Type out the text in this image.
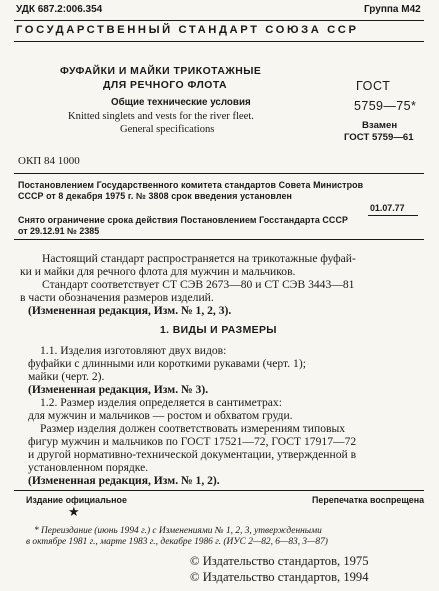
УДК 687.2:006.354	Группа М42
ГОСУДАРСТВЕННЫЙ СТАНДАРТ СОЮЗА ССР
ФУФАЙКИ И МАЙКИ ТРИКОТАЖНЫЕ
ДЛЯ РЕЧНОГО ФЛОТА
Общие технические условия
Knitted singlets and vests for the river fleet.
General specifications
ГОСТ
5759—75*
Взамен
ГОСТ 5759—61
ОКП 84 1000
Постановлением Государственного комитета стандартов Совета Министров
СССР от 8 декабря 1975 г. № 3808 срок введения установлен
01.07.77
Снято ограничение срока действия Постановлением Госстандарта СССР
от 29.12.91 № 2385
Настоящий стандарт распространяется на трикотажные фуфай-
ки и майки для речного флота для мужчин и мальчиков.
Стандарт соответствует СТ СЭВ 2673—80 и СТ СЭВ 3443—81
в части обозначения размеров изделий.
(Измененная редакция, Изм. № 1, 2, 3).
1. ВИДЫ И РАЗМЕРЫ
1.1. Изделия изготовляют двух видов:
фуфайки с длинными или короткими рукавами (черт. 1);
майки (черт. 2).
(Измененная редакция, Изм. № 3).
1.2. Размер изделия определяется в сантиметрах:
для мужчин и мальчиков — ростом и обхватом груди.
Размер изделия должен соответствовать измерениям типовых
фигур мужчин и мальчиков по ГОСТ 17521—72, ГОСТ 17917—72
и другой нормативно-технической документации, утвержденной в
установленном порядке.
(Измененная редакция, Изм. № 1, 2).
Издание официальное	Перепечатка воспрещена
★
* Переиздание (июнь 1994 г.) с Изменениями № 1, 2, 3, утвержденными
в октябре 1981 г., марте 1983 г., декабре 1986 г. (ИУС 2—82, 6—83, 3—87)
© Издательство стандартов, 1975
© Издательство стандартов, 1994
